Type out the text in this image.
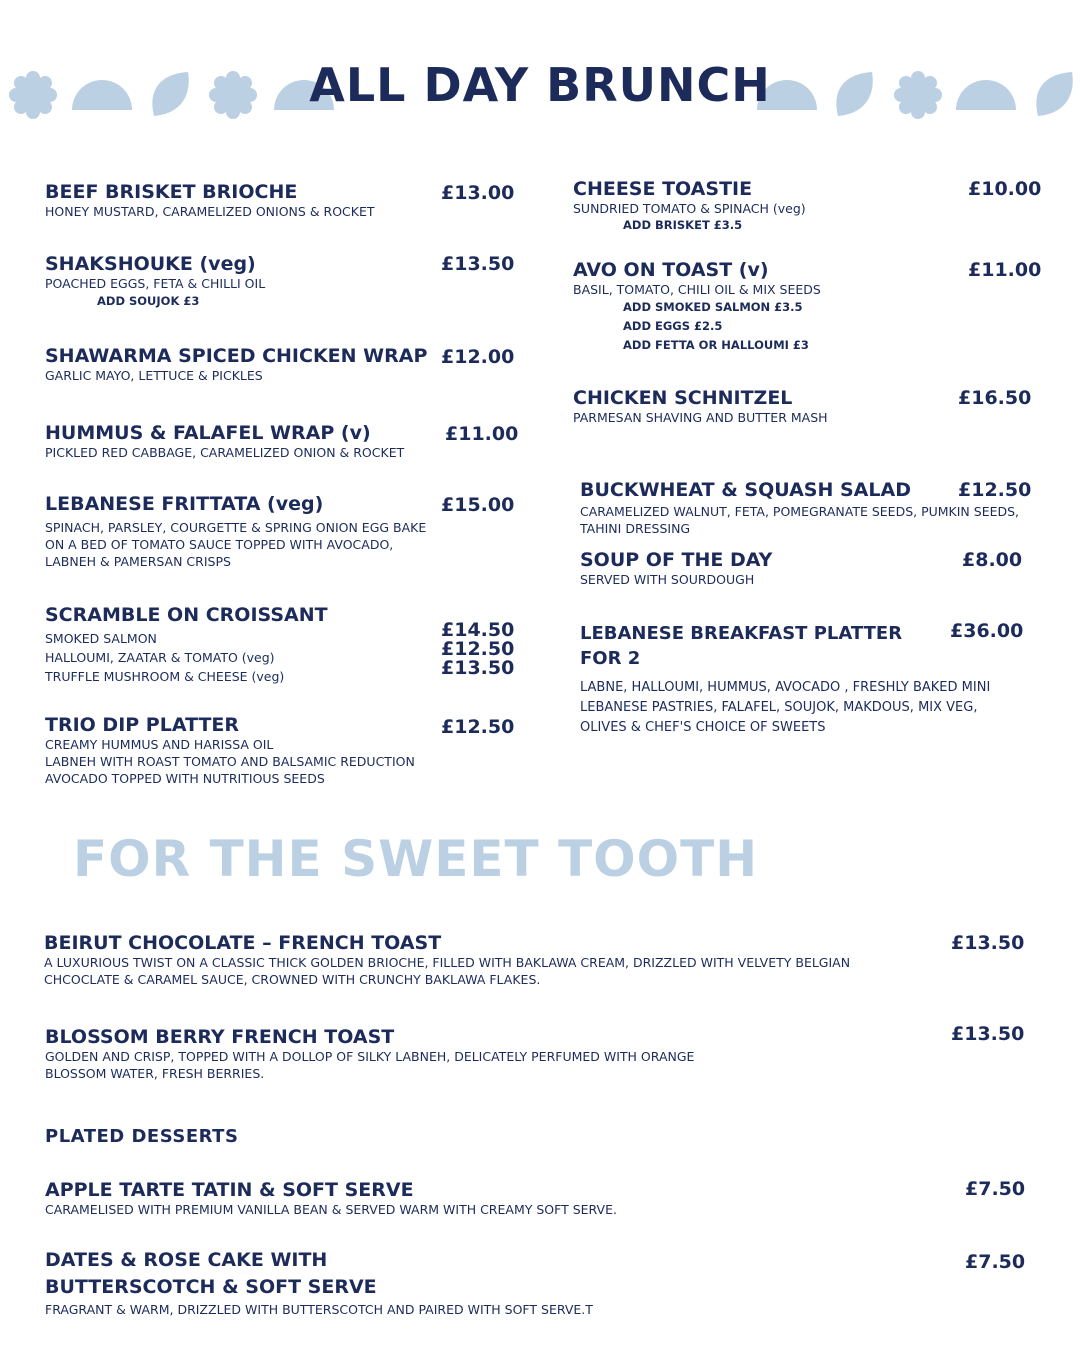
ALL DAY BRUNCH
BEEF BRISKET BRIOCHE
HONEY MUSTARD, CARAMELIZED ONIONS & ROCKET
£13.00
SHAKSHOUKE (veg)
POACHED EGGS, FETA & CHILLI OIL
ADD SOUJOK £3
£13.50
SHAWARMA SPICED CHICKEN WRAP
GARLIC MAYO, LETTUCE & PICKLES
£12.00
HUMMUS & FALAFEL WRAP (v)
PICKLED RED CABBAGE, CARAMELIZED ONION & ROCKET
£11.00
LEBANESE FRITTATA (veg)
SPINACH, PARSLEY, COURGETTE & SPRING ONION EGG BAKE
ON A BED OF TOMATO SAUCE TOPPED WITH AVOCADO,
LABNEH & PAMERSAN CRISPS
£15.00
SCRAMBLE ON CROISSANT
SMOKED SALMON
HALLOUMI, ZAATAR & TOMATO (veg)
TRUFFLE MUSHROOM & CHEESE (veg)
£14.50
£12.50
£13.50
TRIO DIP PLATTER
CREAMY HUMMUS AND HARISSA OIL
LABNEH WITH ROAST TOMATO AND BALSAMIC REDUCTION
AVOCADO TOPPED WITH NUTRITIOUS SEEDS
£12.50
CHEESE TOASTIE
SUNDRIED TOMATO & SPINACH (veg)
ADD BRISKET £3.5
£10.00
AVO ON TOAST (v)
BASIL, TOMATO, CHILI OIL & MIX SEEDS
ADD SMOKED SALMON £3.5
ADD EGGS £2.5
ADD FETTA OR HALLOUMI £3
£11.00
CHICKEN SCHNITZEL
PARMESAN SHAVING AND BUTTER MASH
£16.50
BUCKWHEAT & SQUASH SALAD
CARAMELIZED WALNUT, FETA, POMEGRANATE SEEDS, PUMKIN SEEDS,
TAHINI DRESSING
£12.50
SOUP OF THE DAY
SERVED WITH SOURDOUGH
£8.00
LEBANESE BREAKFAST PLATTER
FOR 2
LABNE, HALLOUMI, HUMMUS, AVOCADO , FRESHLY BAKED MINI
LEBANESE PASTRIES, FALAFEL, SOUJOK, MAKDOUS, MIX VEG,
OLIVES & CHEF'S CHOICE OF SWEETS
£36.00
FOR THE SWEET TOOTH
BEIRUT CHOCOLATE – FRENCH TOAST
A LUXURIOUS TWIST ON A CLASSIC THICK GOLDEN BRIOCHE, FILLED WITH BAKLAWA CREAM, DRIZZLED WITH VELVETY BELGIAN
CHCOCLATE & CARAMEL SAUCE, CROWNED WITH CRUNCHY BAKLAWA FLAKES.
£13.50
BLOSSOM BERRY FRENCH TOAST
GOLDEN AND CRISP, TOPPED WITH A DOLLOP OF SILKY LABNEH, DELICATELY PERFUMED WITH ORANGE
BLOSSOM WATER, FRESH BERRIES.
£13.50
PLATED DESSERTS
APPLE TARTE TATIN & SOFT SERVE
CARAMELISED WITH PREMIUM VANILLA BEAN & SERVED WARM WITH CREAMY SOFT SERVE.
£7.50
DATES & ROSE CAKE WITH
BUTTERSCOTCH & SOFT SERVE
FRAGRANT & WARM, DRIZZLED WITH BUTTERSCOTCH AND PAIRED WITH SOFT SERVE.T
£7.50
